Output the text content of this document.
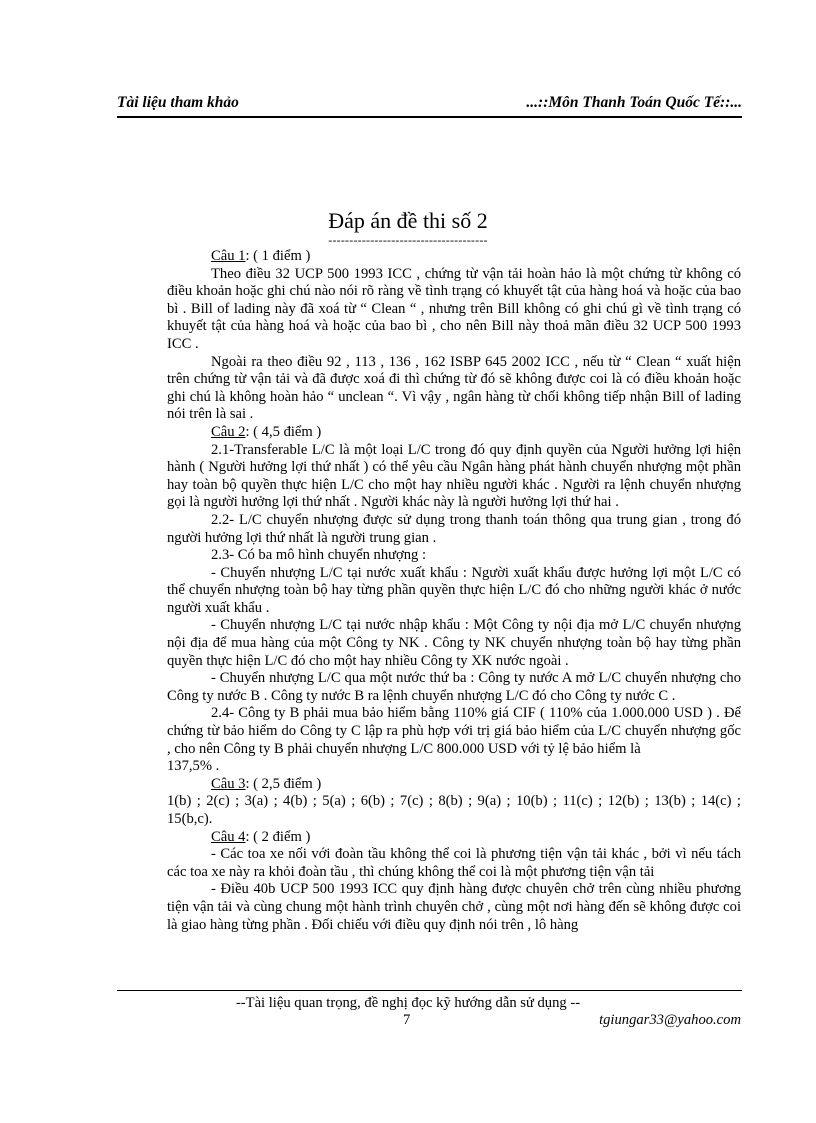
Tài liệu tham khảo	...::Môn Thanh Toán Quốc Tế::...
Đáp án đề thi số 2
--------------------------------------

Câu 1: ( 1 điểm )

Theo điều 32 UCP 500 1993 ICC , chứng từ vận tải hoàn hảo là một chứng từ không có điều khoản hoặc ghi chú nào nói rõ ràng về tình trạng có khuyết tật của hàng hoá và hoặc của bao bì . Bill of lading này đã xoá từ “ Clean “ , nhưng trên Bill không có ghi chú gì về tình trạng có khuyết tật của hàng hoá và hoặc của bao bì , cho nên Bill này thoả mãn điều 32 UCP 500 1993 ICC .

Ngoài ra theo điều 92 , 113 , 136 , 162 ISBP 645 2002 ICC , nếu từ “ Clean “ xuất hiện trên chứng từ vận tải và đã được xoá đi thì chứng từ đó sẽ không được coi là có điều khoản hoặc ghi chú là không hoàn hảo “ unclean “. Vì vậy , ngân hàng từ chối không tiếp nhận Bill of lading nói trên là sai .

Câu 2: ( 4,5 điểm )

2.1-Transferable L/C là một loại L/C trong đó quy định quyền của Người hưởng lợi hiện hành ( Người hưởng lợi thứ nhất ) có thể yêu cầu Ngân hàng phát hành chuyển nhượng một phần hay toàn bộ quyền thực hiện L/C cho một hay nhiều người khác . Người ra lệnh chuyển nhượng gọi là người hưởng lợi thứ nhất . Người khác này là người hưởng lợi thứ hai .

2.2- L/C chuyển nhượng được sử dụng trong thanh toán thông qua trung gian , trong đó người hưởng lợi thứ nhất là người trung gian .

2.3- Có ba mô hình chuyển nhượng :

- Chuyển nhượng L/C tại nước xuất khẩu : Người xuất khẩu được hưởng lợi một L/C có thể chuyển nhượng toàn bộ hay từng phần quyền thực hiện L/C đó cho những người khác ở nước người xuất khẩu .

- Chuyển nhượng L/C tại nước nhập khẩu : Một Công ty nội địa mở L/C chuyển nhượng nội địa để mua hàng của một Công ty NK . Công ty NK chuyển nhượng toàn bộ hay từng phần quyền thực hiện L/C đó cho một hay nhiều Công ty XK nước ngoài .

- Chuyển nhượng L/C qua một nước thứ ba : Công ty nước A mở L/C chuyển nhượng cho Công ty nước B . Công ty nước B ra lệnh chuyển nhượng L/C đó cho Công ty nước C .

2.4- Công ty B phải mua bảo hiểm bằng 110% giá CIF ( 110% của 1.000.000 USD ) . Để chứng từ bảo hiểm do Công ty C lập ra phù hợp với trị giá bảo hiểm của L/C chuyển nhượng gốc , cho nên Công ty B phải chuyển nhượng L/C 800.000 USD với tỷ lệ bảo hiểm là

137,5% .

Câu 3: ( 2,5 điểm )

1(b) ; 2(c) ; 3(a) ; 4(b) ; 5(a) ; 6(b) ; 7(c) ; 8(b) ; 9(a) ; 10(b) ; 11(c) ; 12(b) ; 13(b) ; 14(c) ; 15(b,c).

Câu 4: ( 2 điểm )

- Các toa xe nối với đoàn tầu không thể coi là phương tiện vận tải khác , bởi vì nếu tách các toa xe này ra khỏi đoàn tầu , thì chúng không thể coi là một phương tiện vận tải

- Điều 40b UCP 500 1993 ICC quy định hàng được chuyên chở trên cùng nhiều phương tiện vận tải và cùng chung một hành trình chuyên chở , cùng một nơi hàng đến sẽ không được coi là giao hàng từng phần . Đối chiếu với điều quy định nói trên , lô hàng

--Tài liệu quan trọng, đề nghị đọc kỹ hướng dẫn sử dụng --
7	tgiungar33@yahoo.com
